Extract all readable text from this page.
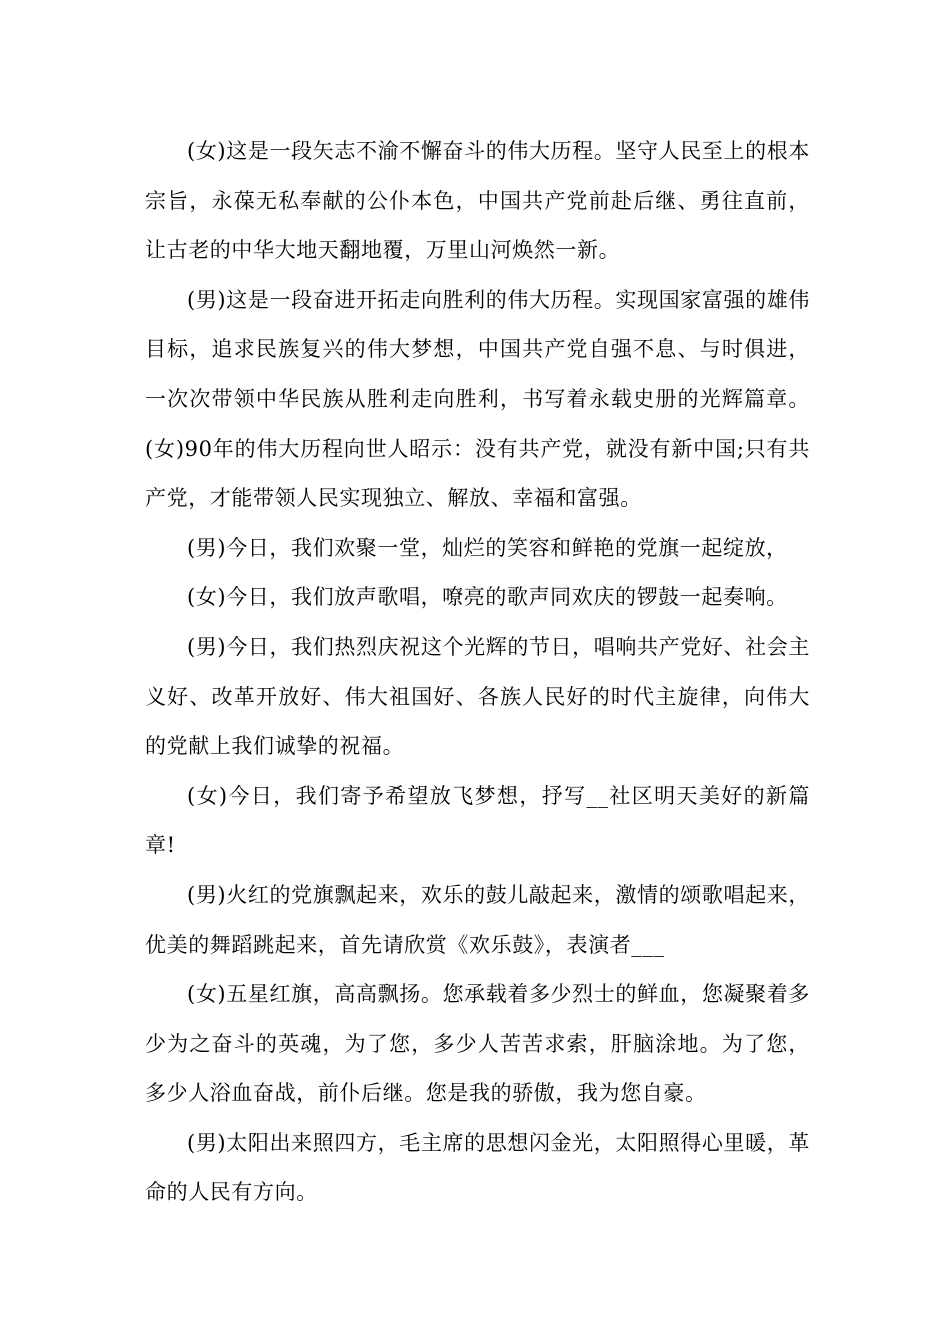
(女)这是一段矢志不渝不懈奋斗的伟大历程。坚守人民至上的根本宗旨，永葆无私奉献的公仆本色，中国共产党前赴后继、勇往直前，让古老的中华大地天翻地覆，万里山河焕然一新。

(男)这是一段奋进开拓走向胜利的伟大历程。实现国家富强的雄伟目标，追求民族复兴的伟大梦想，中国共产党自强不息、与时俱进，一次次带领中华民族从胜利走向胜利，书写着永载史册的光辉篇章。(女)90年的伟大历程向世人昭示：没有共产党，就没有新中国;只有共产党，才能带领人民实现独立、解放、幸福和富强。

(男)今日，我们欢聚一堂，灿烂的笑容和鲜艳的党旗一起绽放，

(女)今日，我们放声歌唱，嘹亮的歌声同欢庆的锣鼓一起奏响。

(男)今日，我们热烈庆祝这个光辉的节日，唱响共产党好、社会主义好、改革开放好、伟大祖国好、各族人民好的时代主旋律，向伟大的党献上我们诚挚的祝福。

(女)今日，我们寄予希望放飞梦想，抒写__社区明天美好的新篇章!

(男)火红的党旗飘起来，欢乐的鼓儿敲起来，激情的颂歌唱起来，优美的舞蹈跳起来，首先请欣赏《欢乐鼓》，表演者___

(女)五星红旗，高高飘扬。您承载着多少烈士的鲜血，您凝聚着多少为之奋斗的英魂，为了您，多少人苦苦求索，肝脑涂地。为了您，多少人浴血奋战，前仆后继。您是我的骄傲，我为您自豪。

(男)太阳出来照四方，毛主席的思想闪金光，太阳照得心里暖，革命的人民有方向。
